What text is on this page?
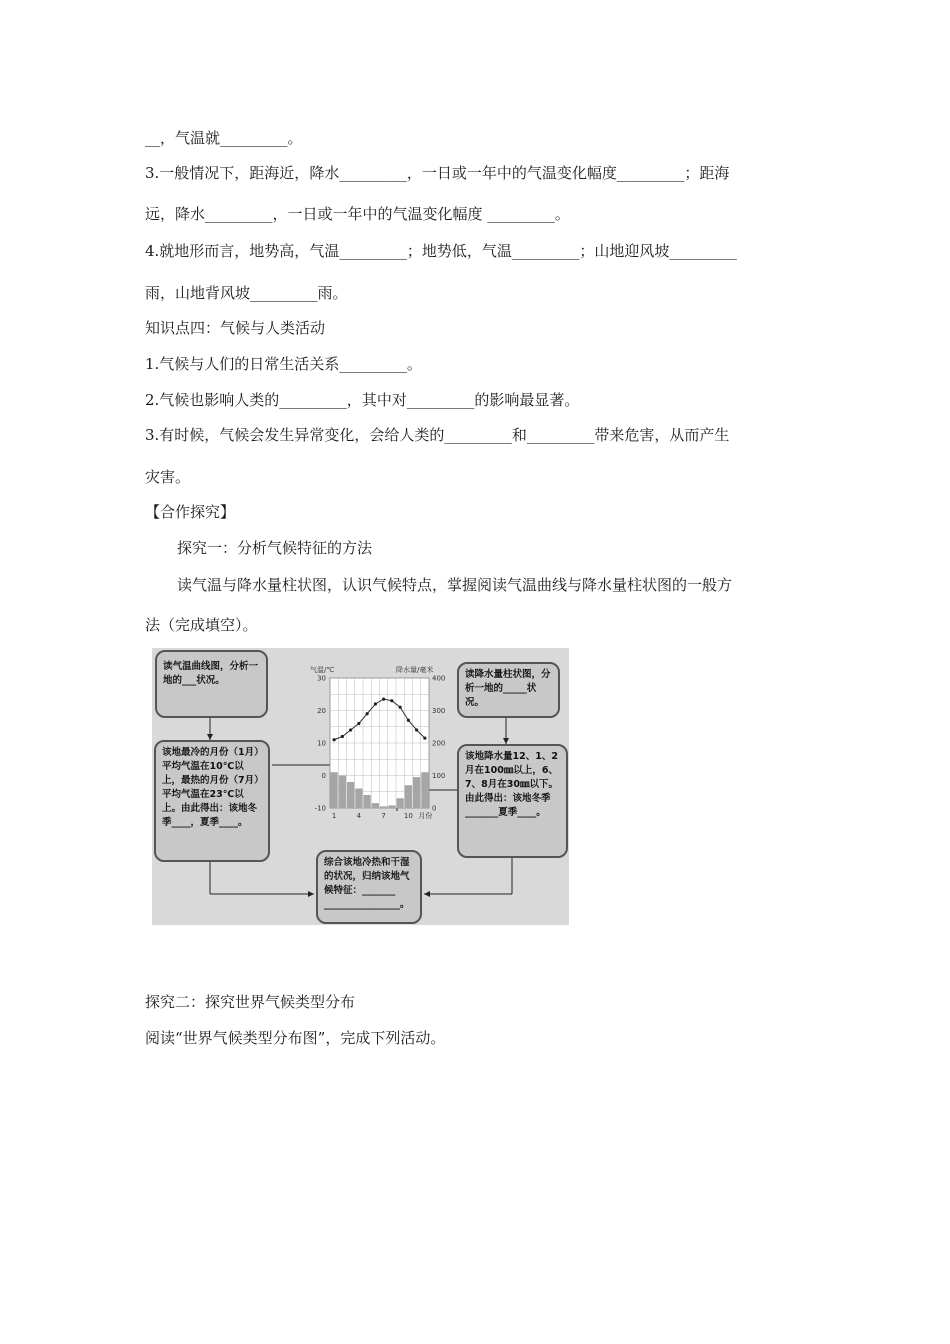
__，气温就_________。
3.一般情况下，距海近，降水_________，一日或一年中的气温变化幅度_________；距海
远，降水_________，一日或一年中的气温变化幅度 _________。
4.就地形而言，地势高，气温_________；地势低，气温_________；山地迎风坡_________
雨，山地背风坡_________雨。
知识点四：气候与人类活动
1.气候与人们的日常生活关系_________。
2.气候也影响人类的_________，其中对_________的影响最显著。
3.有时候，气候会发生异常变化，会给人类的_________和_________带来危害，从而产生
灾害。
【合作探究】
探究一：分析气候特征的方法
读气温与降水量柱状图，认识气候特点，掌握阅读气温曲线与降水量柱状图的一般方
法（完成填空）。
气温/℃	降水量/毫米
30
20
10
0
-10
400
300
200
100
0
1	4	7	10 月份
读气温曲线图，分析一地的___状况。
该地最冷的月份（1月）平均气温在10℃以上，最热的月份（7月）平均气温在23℃以上。由此得出：该地冬季____，夏季____。
读降水量柱状图，分析一地的_____状况。
该地降水量12、1、2月在100㎜以上，6、7、8月在30㎜以下。由此得出：该地冬季_______夏季____。
综合该地冷热和干湿的状况，归纳该地气候特征：_______
________________。
探究二：探究世界气候类型分布
阅读“世界气候类型分布图”，完成下列活动。
